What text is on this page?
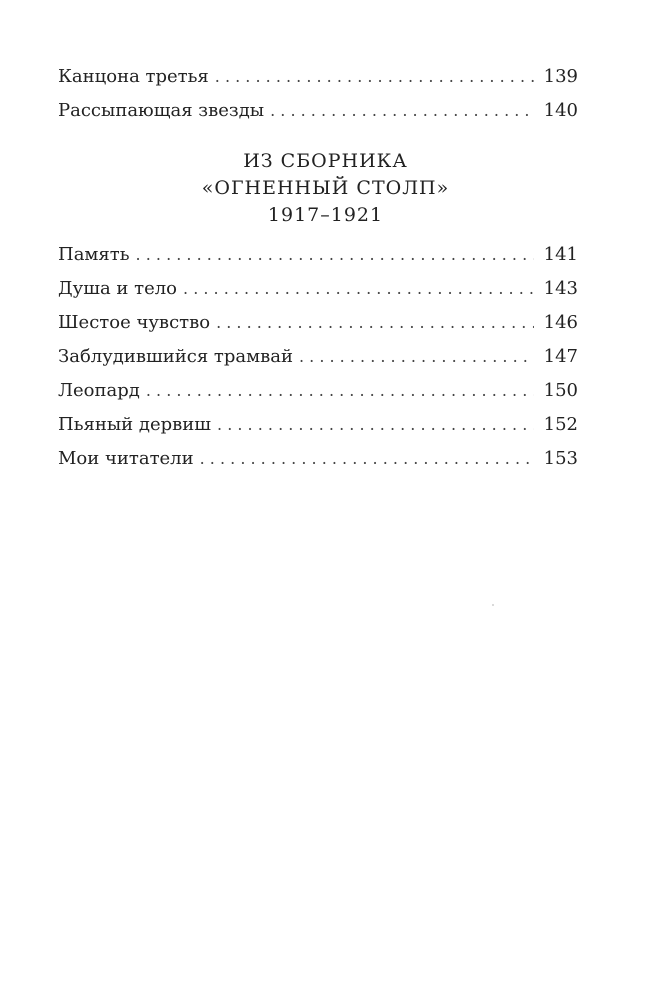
Канцона третья . . .	139
Рассыпающая звезды . . .	140
ИЗ СБОРНИКА
«ОГНЕННЫЙ СТОЛП»
1917–1921
Память . . .	141
Душа и тело . . .	143
Шестое чувство . . .	146
Заблудившийся трамвай . . .	147
Леопард . . .	150
Пьяный дервиш . . .	152
Мои читатели . . .	153
